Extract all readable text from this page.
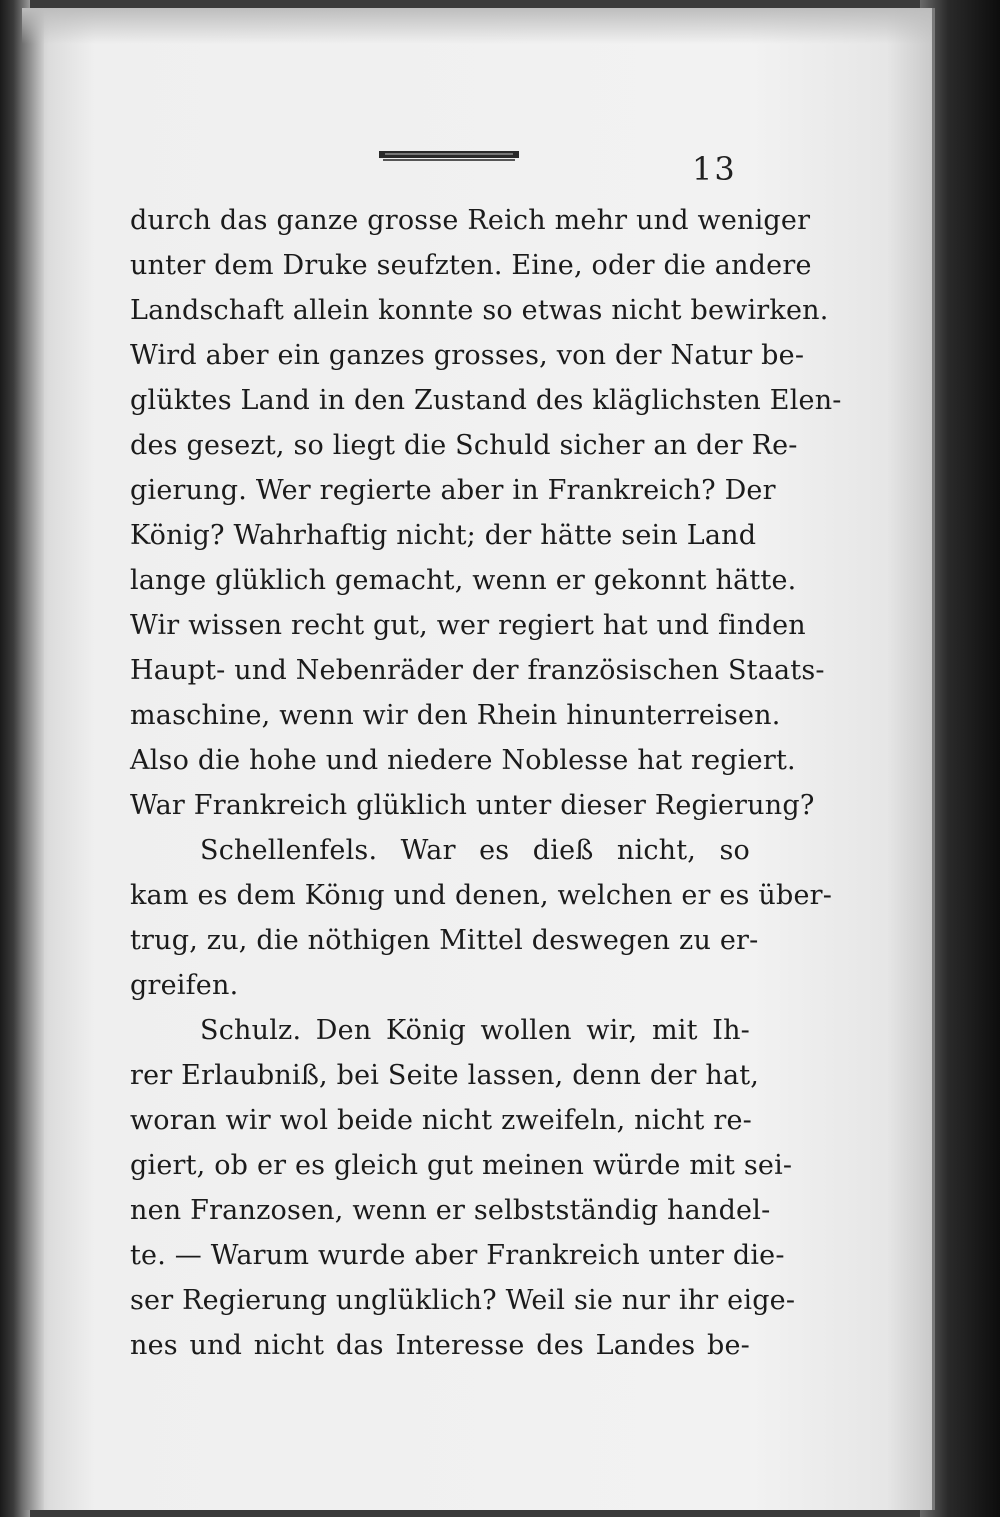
13
durch das ganze grosse Reich mehr und weniger
unter dem Druke seufzten. Eine, oder die andere
Landschaft allein konnte so etwas nicht bewirken.
Wird aber ein ganzes grosses, von der Natur be-
glüktes Land in den Zustand des kläglichsten Elen-
des gesezt, so liegt die Schuld sicher an der Re-
gierung. Wer regierte aber in Frankreich? Der
König? Wahrhaftig nicht; der hätte sein Land
lange glüklich gemacht, wenn er gekonnt hätte.
Wir wissen recht gut, wer regiert hat und finden
Haupt- und Nebenräder der französischen Staats-
maschine, wenn wir den Rhein hinunterreisen.
Also die hohe und niedere Noblesse hat regiert.
War Frankreich glüklich unter dieser Regierung?
Schellenfels. War es dieß nicht, so
kam es dem Könıg und denen, welchen er es über-
trug, zu, die nöthigen Mittel deswegen zu er-
greifen.
Schulz. Den König wollen wir, mit Ih-
rer Erlaubniß, bei Seite lassen, denn der hat,
woran wir wol beide nicht zweifeln, nicht re-
giert, ob er es gleich gut meinen würde mit sei-
nen Franzosen, wenn er selbstständig handel-
te. — Warum wurde aber Frankreich unter die-
ser Regierung unglüklich? Weil sie nur ihr eige-
nes und nicht das Interesse des Landes be-
